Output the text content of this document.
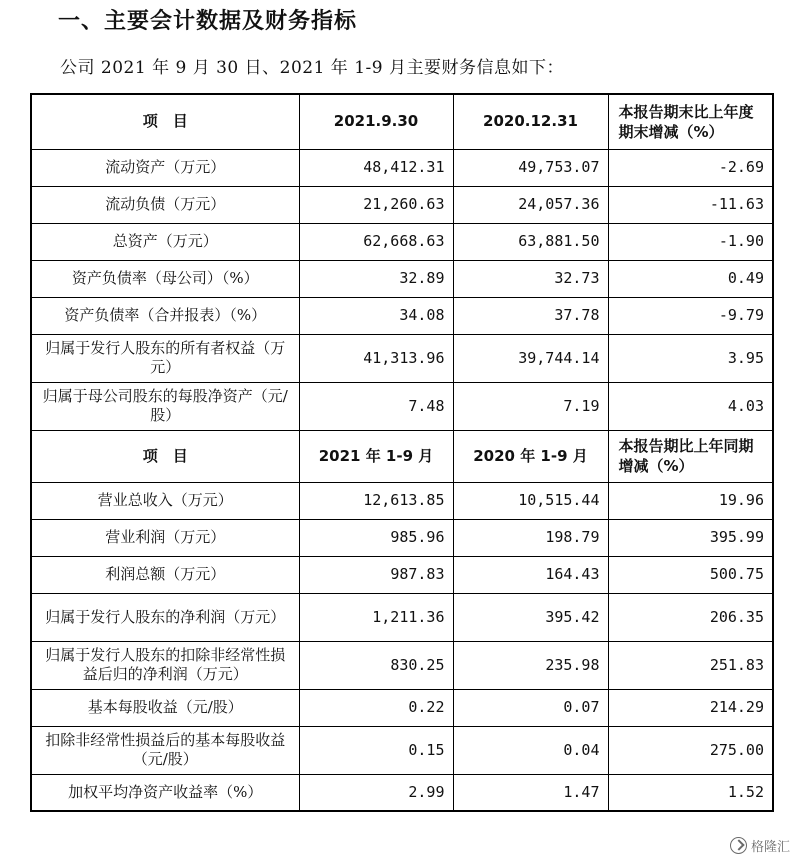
一、主要会计数据及财务指标
公司 2021 年 9 月 30 日、2021 年 1-9 月主要财务信息如下：
项　目	2021.9.30	2020.12.31	本报告期末比上年度期末增减（%）
流动资产（万元）	48,412.31	49,753.07	-2.69
流动负债（万元）	21,260.63	24,057.36	-11.63
总资产（万元）	62,668.63	63,881.50	-1.90
资产负债率（母公司）（%）	32.89	32.73	0.49
资产负债率（合并报表）（%）	34.08	37.78	-9.79
归属于发行人股东的所有者权益（万元）	41,313.96	39,744.14	3.95
归属于母公司股东的每股净资产（元/股）	7.48	7.19	4.03
项　目	2021 年 1-9 月	2020 年 1-9 月	本报告期比上年同期增减（%）
营业总收入（万元）	12,613.85	10,515.44	19.96
营业利润（万元）	985.96	198.79	395.99
利润总额（万元）	987.83	164.43	500.75
归属于发行人股东的净利润（万元）	1,211.36	395.42	206.35
归属于发行人股东的扣除非经常性损益后归的净利润（万元）	830.25	235.98	251.83
基本每股收益（元/股）	0.22	0.07	214.29
扣除非经常性损益后的基本每股收益（元/股）	0.15	0.04	275.00
加权平均净资产收益率（%）	2.99	1.47	1.52
格隆汇
